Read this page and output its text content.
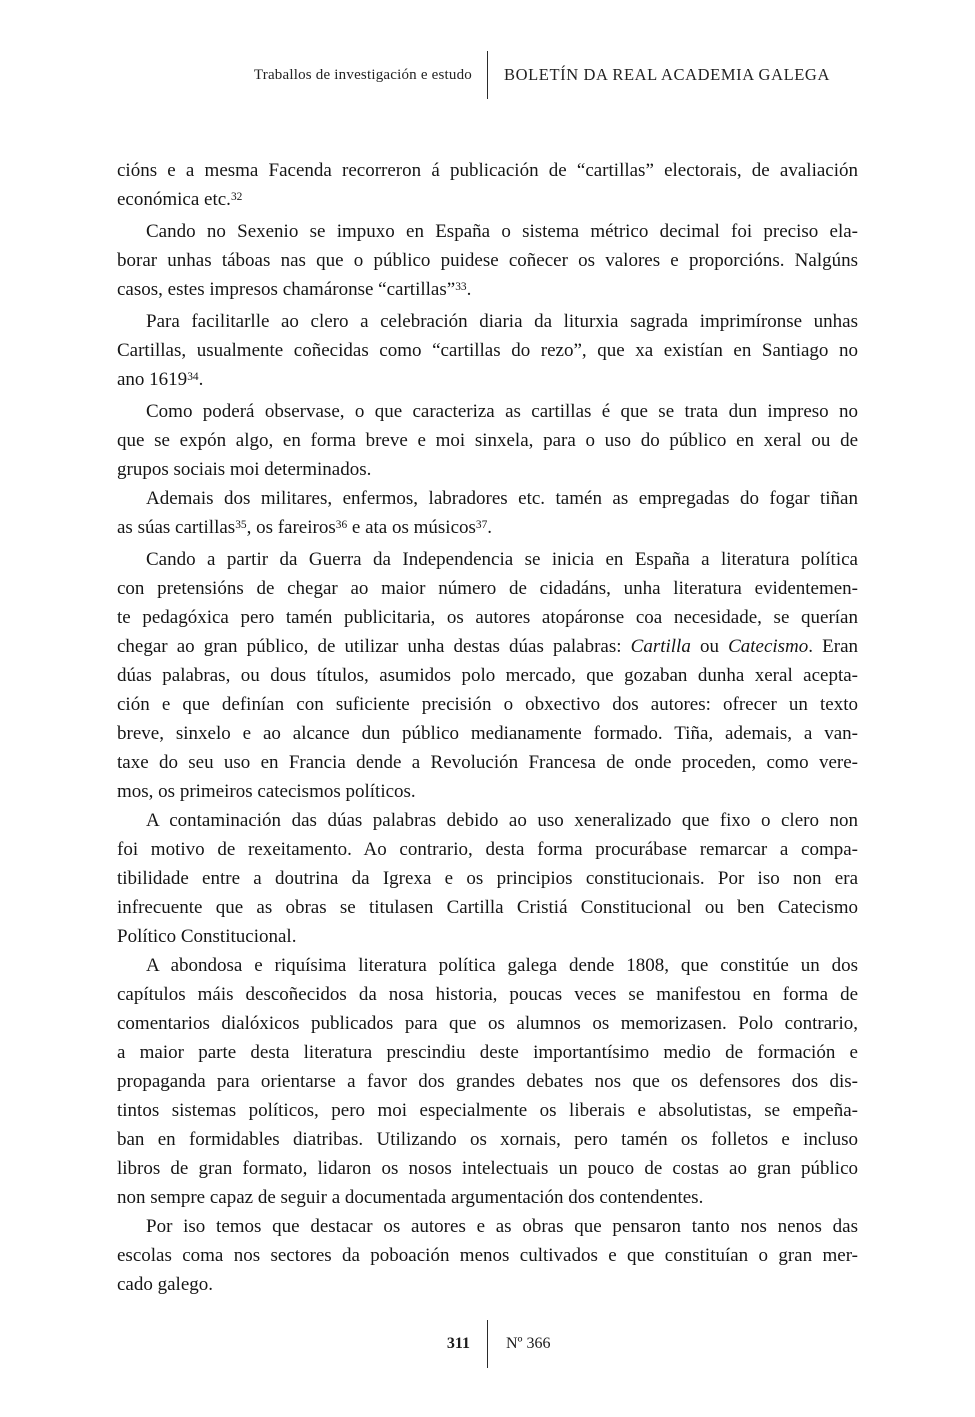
Traballos de investigación e estudo	BOLETÍN DA REAL ACADEMIA GALEGA
cións e a mesma Facenda recorreron á publicación de “cartillas” electorais, de avaliación
económica etc.$^{32}$
Cando no Sexenio se impuxo en España o sistema métrico decimal foi preciso ela-
borar unhas táboas nas que o público puidese coñecer os valores e proporcións. Nalgúns
casos, estes impresos chamáronse “cartillas”$^{33}$.
Para facilitarlle ao clero a celebración diaria da liturxia sagrada imprimíronse unhas
Cartillas, usualmente coñecidas como “cartillas do rezo”, que xa existían en Santiago no
ano 1619$^{34}$.
Como poderá observase, o que caracteriza as cartillas é que se trata dun impreso no
que se expón algo, en forma breve e moi sinxela, para o uso do público en xeral ou de
grupos sociais moi determinados.
Ademais dos militares, enfermos, labradores etc. tamén as empregadas do fogar tiñan
as súas cartillas$^{35}$, os fareiros$^{36}$ e ata os músicos$^{37}$.
Cando a partir da Guerra da Independencia se inicia en España a literatura política
con pretensións de chegar ao maior número de cidadáns, unha literatura evidentemen-
te pedagóxica pero tamén publicitaria, os autores atopáronse coa necesidade, se querían
chegar ao gran público, de utilizar unha destas dúas palabras: Cartilla ou Catecismo. Eran
dúas palabras, ou dous títulos, asumidos polo mercado, que gozaban dunha xeral acepta-
ción e que definían con suficiente precisión o obxectivo dos autores: ofrecer un texto
breve, sinxelo e ao alcance dun público medianamente formado. Tiña, ademais, a van-
taxe do seu uso en Francia dende a Revolución Francesa de onde proceden, como vere-
mos, os primeiros catecismos políticos.
A contaminación das dúas palabras debido ao uso xeneralizado que fixo o clero non
foi motivo de rexeitamento. Ao contrario, desta forma procurábase remarcar a compa-
tibilidade entre a doutrina da Igrexa e os principios constitucionais. Por iso non era
infrecuente que as obras se titulasen Cartilla Cristiá Constitucional ou ben Catecismo
Político Constitucional.
A abondosa e riquísima literatura política galega dende 1808, que constitúe un dos
capítulos máis descoñecidos da nosa historia, poucas veces se manifestou en forma de
comentarios dialóxicos publicados para que os alumnos os memorizasen. Polo contrario,
a maior parte desta literatura prescindiu deste importantísimo medio de formación e
propaganda para orientarse a favor dos grandes debates nos que os defensores dos dis-
tintos sistemas políticos, pero moi especialmente os liberais e absolutistas, se empeña-
ban en formidables diatribas. Utilizando os xornais, pero tamén os folletos e incluso
libros de gran formato, lidaron os nosos intelectuais un pouco de costas ao gran público
non sempre capaz de seguir a documentada argumentación dos contendentes.
Por iso temos que destacar os autores e as obras que pensaron tanto nos nenos das
escolas coma nos sectores da poboación menos cultivados e que constituían o gran mer-
cado galego.
311	Nº 366
